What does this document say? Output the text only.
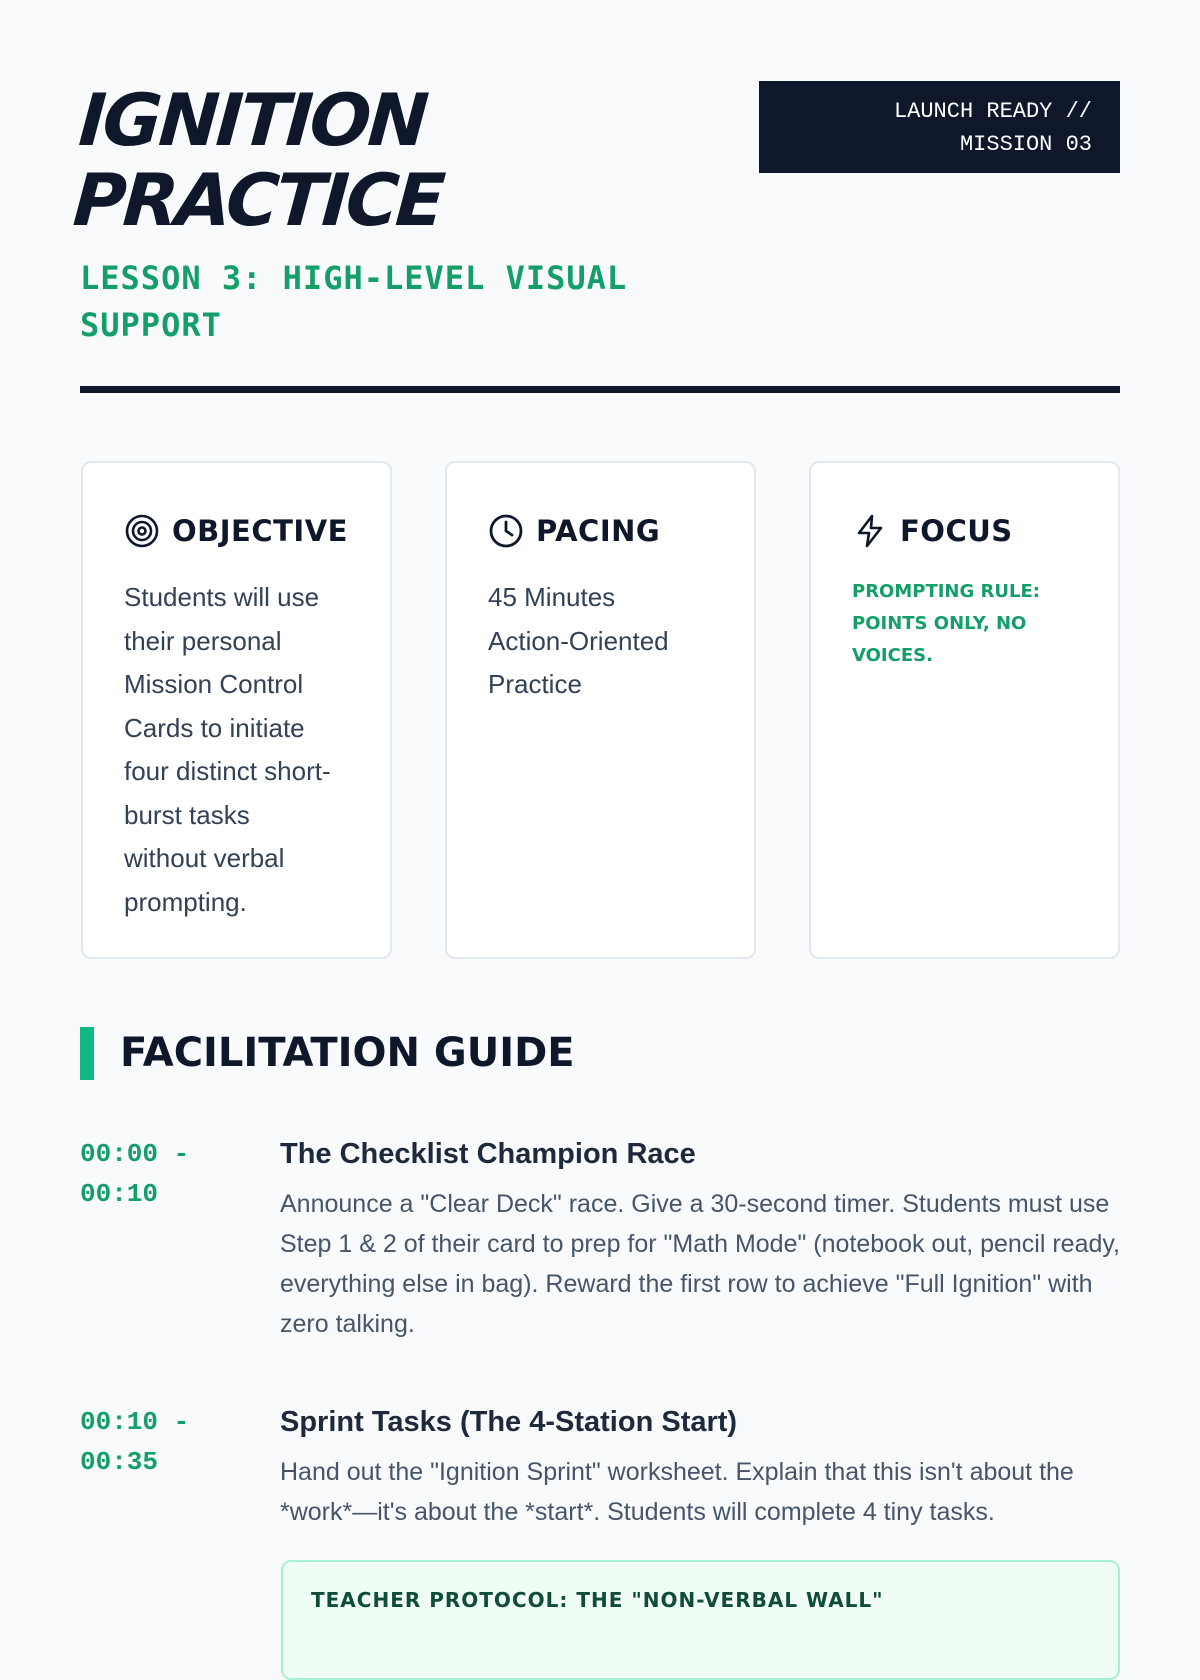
IGNITION
PRACTICE
LESSON 3: HIGH-LEVEL VISUAL SUPPORT
LAUNCH READY //
MISSION 03
OBJECTIVE

Students will use
their personal
Mission Control
Cards to initiate
four distinct short-
burst tasks
without verbal
prompting.

PACING

45 Minutes
Action-Oriented
Practice

FOCUS

PROMPTING RULE:
POINTS ONLY, NO
VOICES.

FACILITATION GUIDE
00:00 -
00:10
The Checklist Champion Race

Announce a "Clear Deck" race. Give a 30-second timer. Students must use Step 1 & 2 of their card to prep for "Math Mode" (notebook out, pencil ready, everything else in bag). Reward the first row to achieve "Full Ignition" with zero talking.

00:10 -
00:35
Sprint Tasks (The 4-Station Start)

Hand out the "Ignition Sprint" worksheet. Explain that this isn't about the *work*—it's about the *start*. Students will complete 4 tiny tasks.

TEACHER PROTOCOL: THE "NON-VERBAL WALL"
